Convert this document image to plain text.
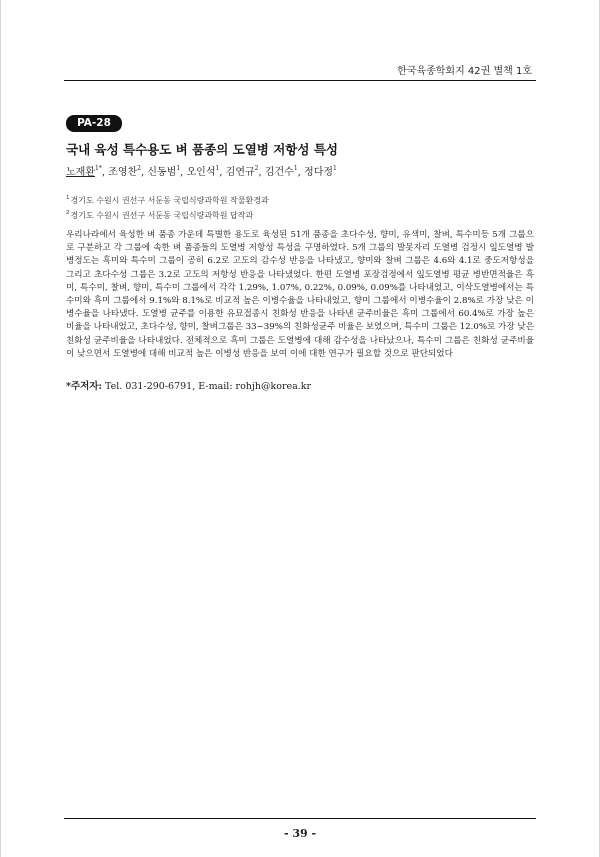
한국육종학회지 42권 별책 1호
PA-28
국내 육성 특수용도 벼 품종의 도열병 저항성 특성
노재환$^{1*}$, 조영찬$^2$, 신동범$^1$, 오인석$^1$, 김연규$^2$, 김건수$^1$, 정다정$^1$
$^1$경기도 수원시 권선구 서둔동 국립식량과학원 작물환경과
$^2$경기도 수원시 권선구 서둔동 국립식량과학원 답작과

우리나라에서 육성한 벼 품종 가운데 특별한 용도로 육성된 51개 품종을 초다수성, 향미, 유색미, 찰벼, 특수미등 5개 그룹으로 구분하고 각 그룹에 속한 벼 품종들의 도열병 저항성 특성을 구명하였다. 5개 그룹의 발못자리 도열병 검정시 잎도열병 발병정도는 흑미와 특수미 그룹이 공히 6.2로 고도의 감수성 반응을 나타냈고, 향미와 찰벼 그룹은 4.6와 4.1로 중도저항성을 그리고 초다수성 그룹은 3.2로 고도의 저항성 반응을 나타냈었다. 한편 도열병 포장검정에서 잎도열병 평균 병반면적율은 흑미, 특수미, 찰벼, 향미, 특수미 그룹에서 각각 1.29%, 1.07%, 0.22%, 0.09%, 0.09%를 나타내었고, 이삭도열병에서는 특수미와 흑미 그룹에서 9.1%와 8.1%로 비교적 높은 이병수율을 나타내었고, 향미 그룹에서 이병수율이 2.8%로 가장 낮은 이병수율을 나타냈다. 도열병 균주를 이용한 유묘접종시 친화성 반응을 나타낸 균주비율은 흑미 그룹에서 60.4%로 가장 높은 비율을 나타내었고, 초다수성, 향미, 찰벼그룹은 33~39%의 친화성균주 비율은 보였으며, 특수미 그룹은 12.0%로 가장 낮은 친화성 균주비율을 나타내었다. 전체적으로 흑미 그룹은 도열병에 대해 감수성을 나타났으나, 특수미 그룹은 친화성 균주비율이 낮으면서 도열병에 대해 비교적 높은 이병성 반응을 보여 이에 대한 연구가 필요할 것으로 판단되었다

*주저자: Tel. 031-290-6791, E-mail: rohjh@korea.kr
- 39 -
